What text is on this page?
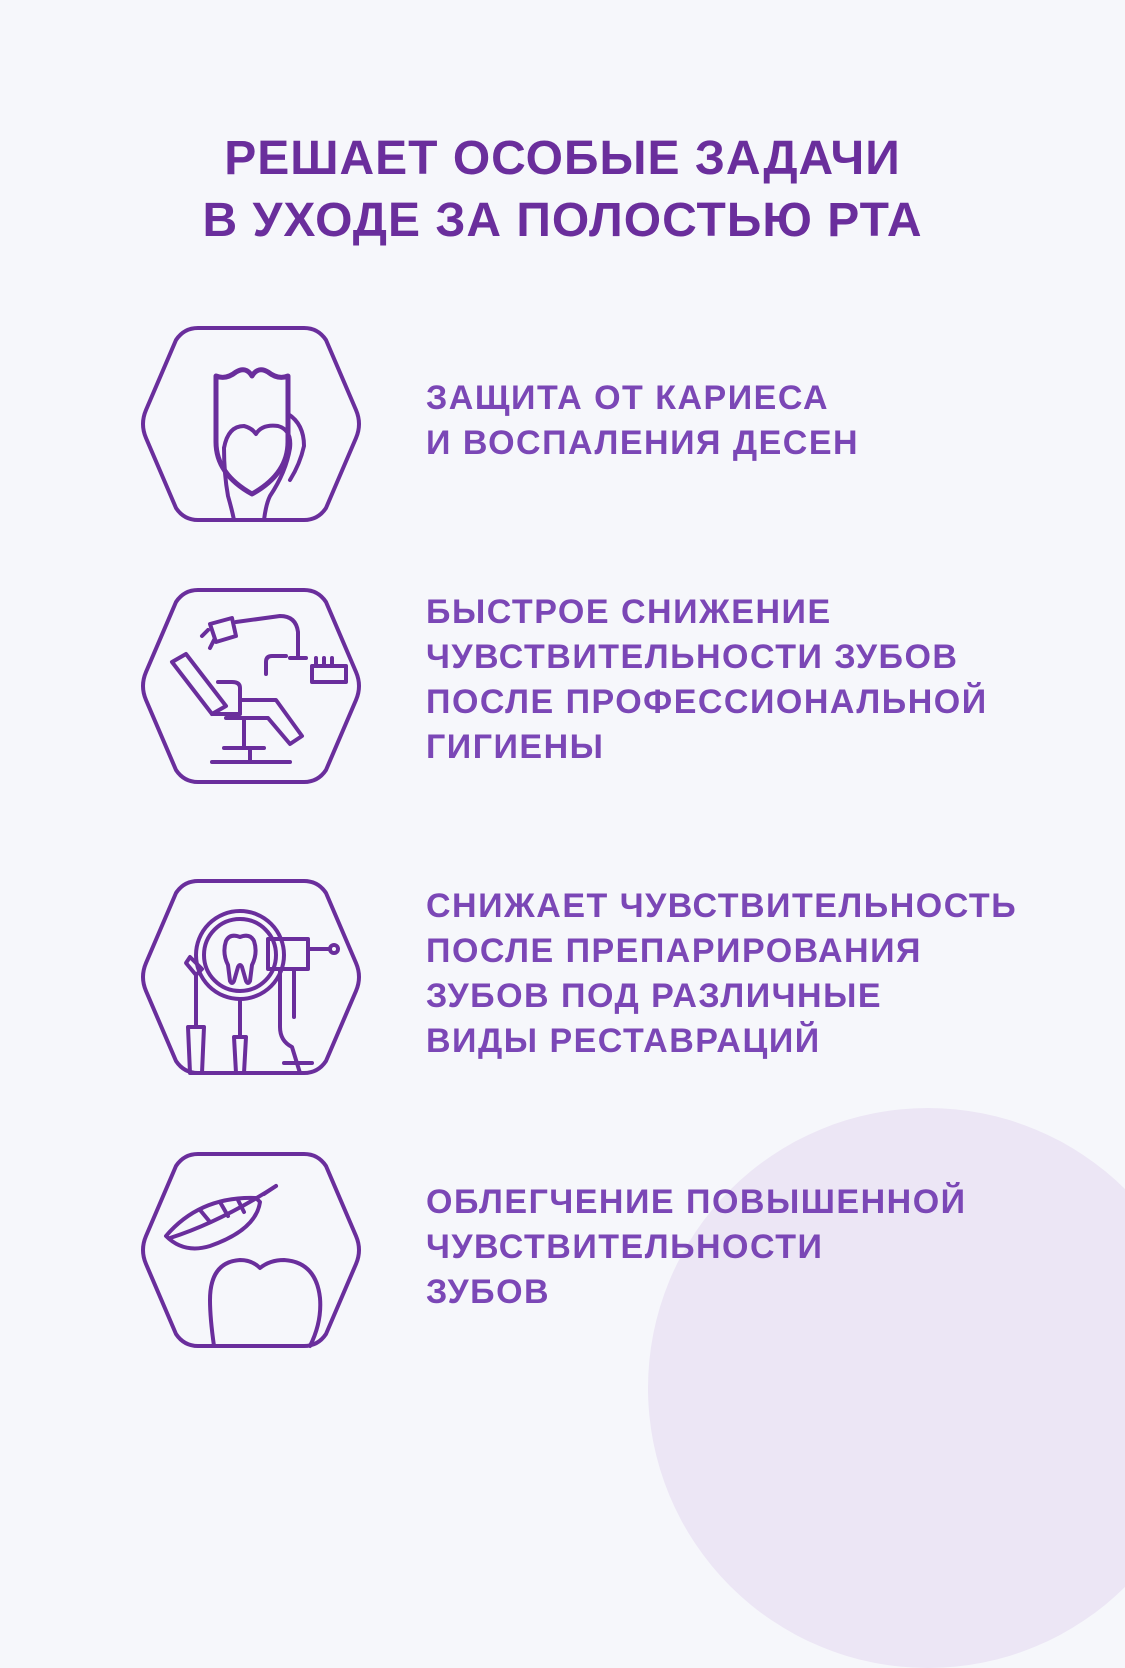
РЕШАЕТ ОСОБЫЕ ЗАДАЧИ
В УХОДЕ ЗА ПОЛОСТЬЮ РТА
ЗАЩИТА ОТ КАРИЕСА
И ВОСПАЛЕНИЯ ДЕСЕН
БЫСТРОЕ СНИЖЕНИЕ
ЧУВСТВИТЕЛЬНОСТИ ЗУБОВ
ПОСЛЕ ПРОФЕССИОНАЛЬНОЙ
ГИГИЕНЫ
СНИЖАЕТ ЧУВСТВИТЕЛЬНОСТЬ
ПОСЛЕ ПРЕПАРИРОВАНИЯ
ЗУБОВ ПОД РАЗЛИЧНЫЕ
ВИДЫ РЕСТАВРАЦИЙ
ОБЛЕГЧЕНИЕ ПОВЫШЕННОЙ
ЧУВСТВИТЕЛЬНОСТИ
ЗУБОВ
